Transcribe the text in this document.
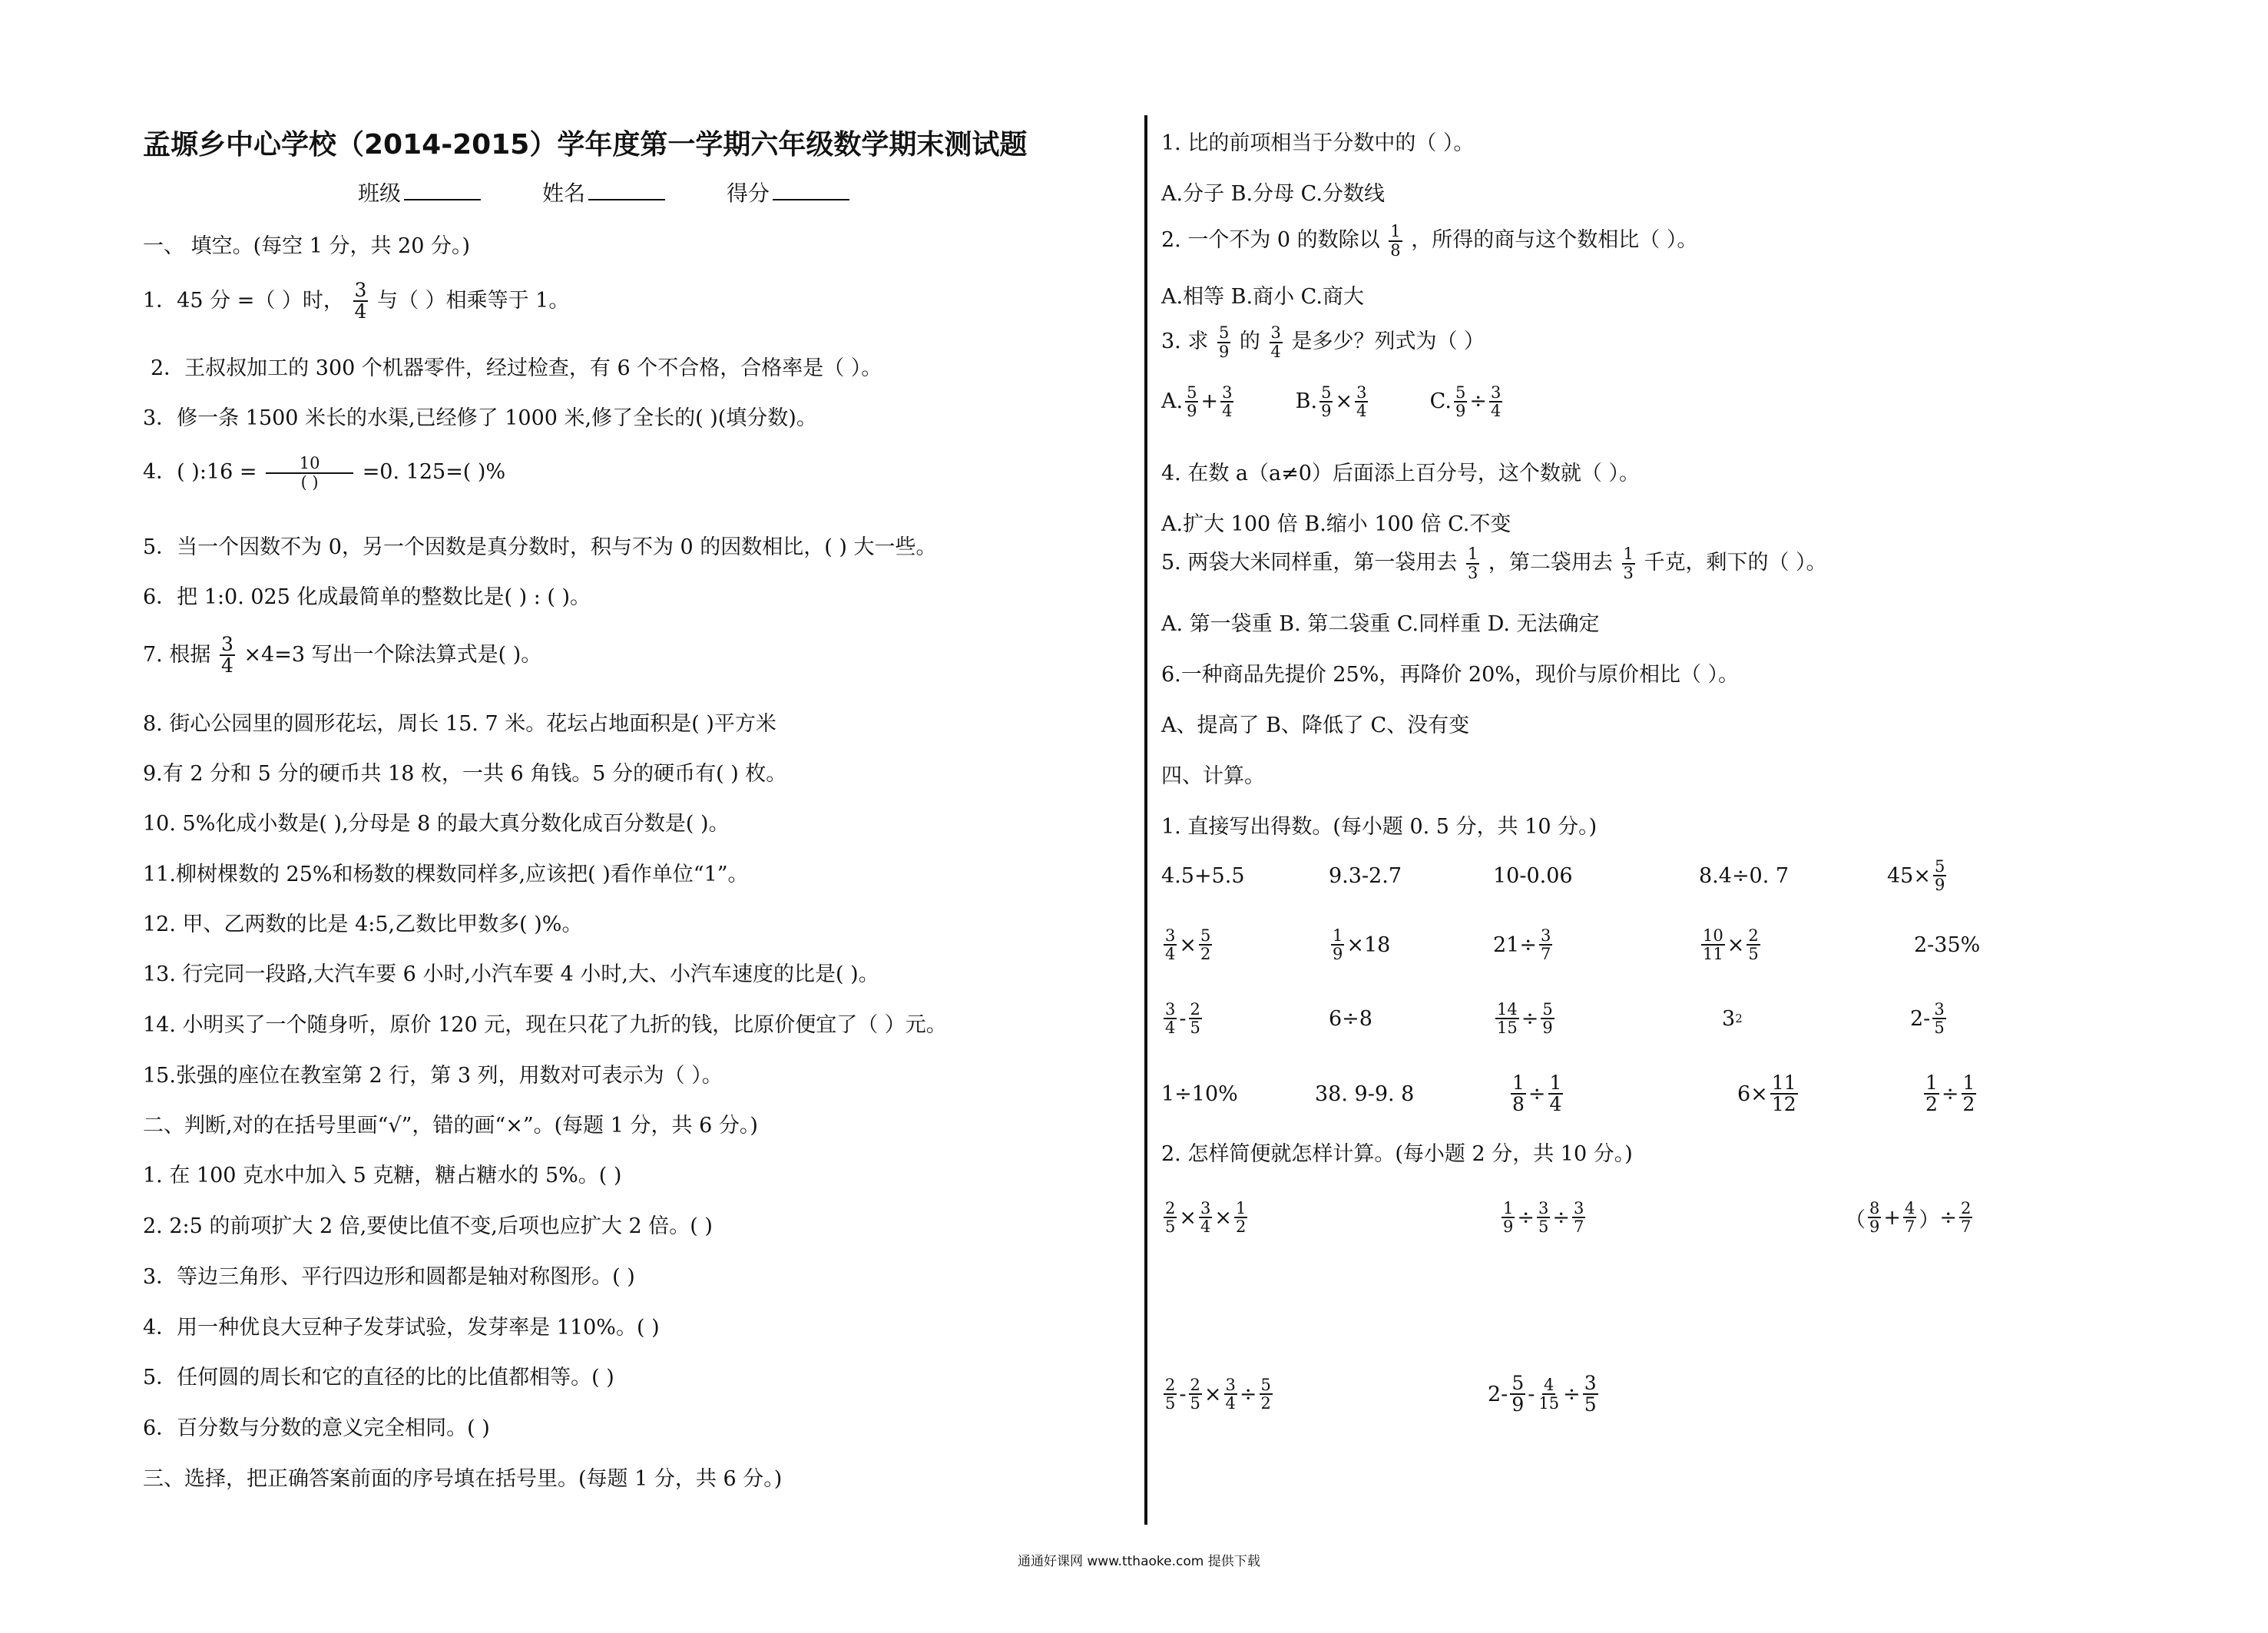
孟塬乡中心学校（2014-2015）学年度第一学期六年级数学期末测试题
班级	姓名	得分
一、 填空。(每空 1 分，共 20 分。)
1．45 分 =（ ）时， $\frac{3}{4}$ 与（ ）相乘等于 1。
2．王叔叔加工的 300 个机器零件，经过检查，有 6 个不合格，合格率是（ ）。
3．修一条 1500 米长的水渠,已经修了 1000 米,修了全长的( )(填分数)。
4．( ):16 = $\frac{10}{( )} =0$. 125=( )%
5．当一个因数不为 0，另一个因数是真分数时，积与不为 0 的因数相比，( ) 大一些。
6．把 1:0. 025 化成最简单的整数比是( ) : ( )。
7. 根据 $\frac{3}{4} \times 4=3$ 写出一个除法算式是( )。
8. 街心公园里的圆形花坛，周长 15. 7 米。花坛占地面积是( )平方米
9.有 2 分和 5 分的硬币共 18 枚，一共 6 角钱。5 分的硬币有( ) 枚。
10. 5%化成小数是( ),分母是 8 的最大真分数化成百分数是( )。
11.柳树棵数的 25%和杨数的棵数同样多,应该把( )看作单位“1”。
12. 甲、乙两数的比是 4:5,乙数比甲数多( )%。
13. 行完同一段路,大汽车要 6 小时,小汽车要 4 小时,大、小汽车速度的比是( )。
14. 小明买了一个随身听，原价 120 元，现在只花了九折的钱，比原价便宜了（ ）元。
15.张强的座位在教室第 2 行，第 3 列，用数对可表示为（ ）。
二、判断,对的在括号里画“√”，错的画“×”。(每题 1 分，共 6 分。)
1. 在 100 克水中加入 5 克糖，糖占糖水的 5%。( )
2. 2:5 的前项扩大 2 倍,要使比值不变,后项也应扩大 2 倍。( )
3．等边三角形、平行四边形和圆都是轴对称图形。( )
4．用一种优良大豆种子发芽试验，发芽率是 110%。( )
5．任何圆的周长和它的直径的比的比值都相等。( )
6．百分数与分数的意义完全相同。( )
三、选择，把正确答案前面的序号填在括号里。(每题 1 分，共 6 分。)
1. 比的前项相当于分数中的（ ）。
A.分子 B.分母 C.分数线
2. 一个不为 0 的数除以 $\frac{1}{8}$ ，所得的商与这个数相比（ ）。
A.相等 B.商小 C.商大
3. 求 $\frac{5}{9}$ 的 $\frac{3}{4}$ 是多少？列式为（ ）
A. $\frac{5}{9} + \frac{3}{4}$	B. $\frac{5}{9} \times \frac{3}{4}$	C. $\frac{5}{9} \div \frac{3}{4}$
4. 在数 a（a≠0）后面添上百分号，这个数就（ ）。
A.扩大 100 倍 B.缩小 100 倍 C.不变
5. 两袋大米同样重，第一袋用去 $\frac{1}{3}$ ，第二袋用去 $\frac{1}{3}$ 千克，剩下的（ ）。
A. 第一袋重 B. 第二袋重 C.同样重 D. 无法确定
6.一种商品先提价 25%，再降价 20%，现价与原价相比（ ）。
A、提高了 B、降低了 C、没有变
四、计算。
1. 直接写出得数。(每小题 0. 5 分，共 10 分。)
4.5+5.5	9.3-2.7	10-0.06	8.4÷0. 7	$45\times \frac{5}{9}$
$\frac{3}{4} \times \frac{5}{2}$	$\frac{1}{9} \times 18$	$21\div \frac{3}{7}$	$\frac{10}{11} \times \frac{2}{5}$	2-35%
$\frac{3}{4} - \frac{2}{5}$	6÷8	$\frac{14}{15} \div \frac{5}{9}$	3 2	$2- \frac{3}{5}$
1÷10%	38. 9-9. 8	$\frac{1}{8} \div \frac{1}{4}$	$6\times \frac{11}{12}$	$\frac{1}{2} \div \frac{1}{2}$
2. 怎样简便就怎样计算。(每小题 2 分，共 10 分。)
$\frac{2}{5} \times \frac{3}{4} \times \frac{1}{2}$	$\frac{1}{9} \div \frac{3}{5} \div \frac{3}{7}$	（ $\frac{8}{9} + \frac{4}{7}$ ） ÷ $\frac{2}{7}$
$\frac{2}{5} - \frac{2}{5} \times \frac{3}{4} \div \frac{5}{2}$	$2- \frac{5}{9} - \frac{4}{15} \div \frac{3}{5}$
通通好课网 www.tthaoke.com 提供下载
